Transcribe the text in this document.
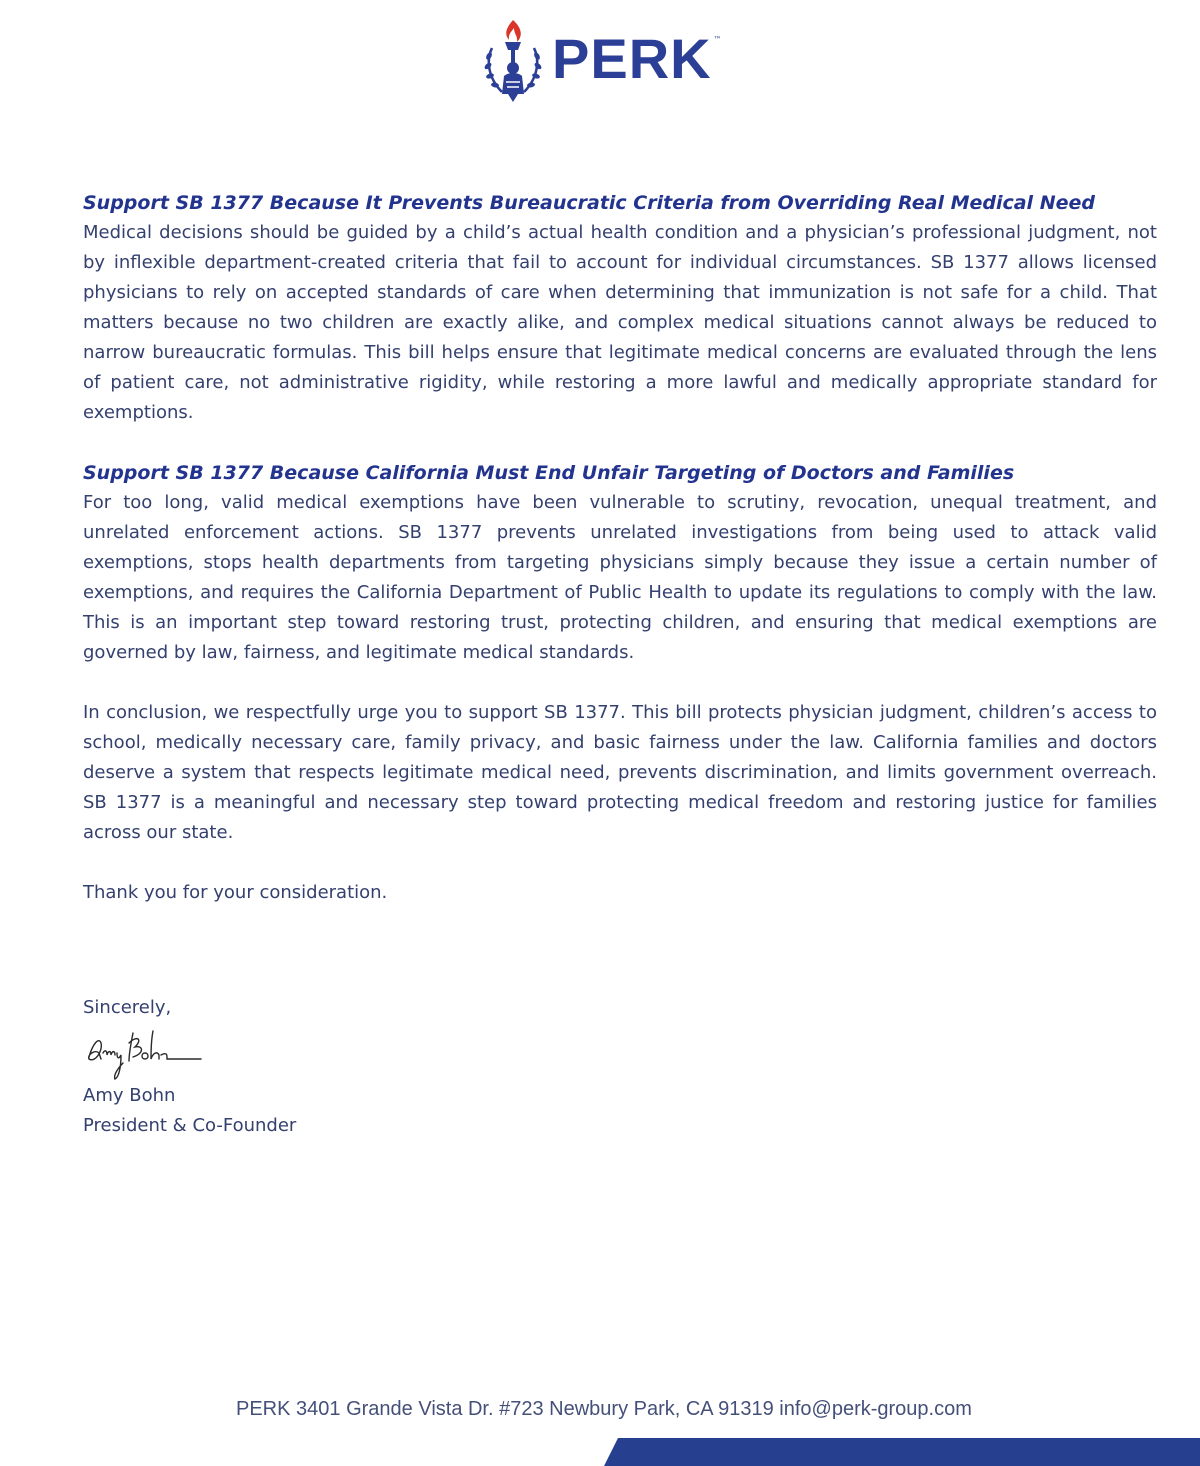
PERK ™
Support SB 1377 Because It Prevents Bureaucratic Criteria from Overriding Real Medical Need

Medical decisions should be guided by a child’s actual health condition and a physician’s professional judgment, not by inflexible department-created criteria that fail to account for individual circumstances. SB 1377 allows licensed physicians to rely on accepted standards of care when determining that immunization is not safe for a child. That matters because no two children are exactly alike, and complex medical situations cannot always be reduced to narrow bureaucratic formulas. This bill helps ensure that legitimate medical concerns are evaluated through the lens of patient care, not administrative rigidity, while restoring a more lawful and medically appropriate standard for exemptions.

Support SB 1377 Because California Must End Unfair Targeting of Doctors and Families

For too long, valid medical exemptions have been vulnerable to scrutiny, revocation, unequal treatment, and unrelated enforcement actions. SB 1377 prevents unrelated investigations from being used to attack valid exemptions, stops health departments from targeting physicians simply because they issue a certain number of exemptions, and requires the California Department of Public Health to update its regulations to comply with the law. This is an important step toward restoring trust, protecting children, and ensuring that medical exemptions are governed by law, fairness, and legitimate medical standards.

In conclusion, we respectfully urge you to support SB 1377. This bill protects physician judgment, children’s access to school, medically necessary care, family privacy, and basic fairness under the law. California families and doctors deserve a system that respects legitimate medical need, prevents discrimination, and limits government overreach. SB 1377 is a meaningful and necessary step toward protecting medical freedom and restoring justice for families across our state.

Thank you for your consideration.

Sincerely,
Amy Bohn
President & Co-Founder
PERK 3401 Grande Vista Dr. #723 Newbury Park, CA 91319 info@perk-group.com
